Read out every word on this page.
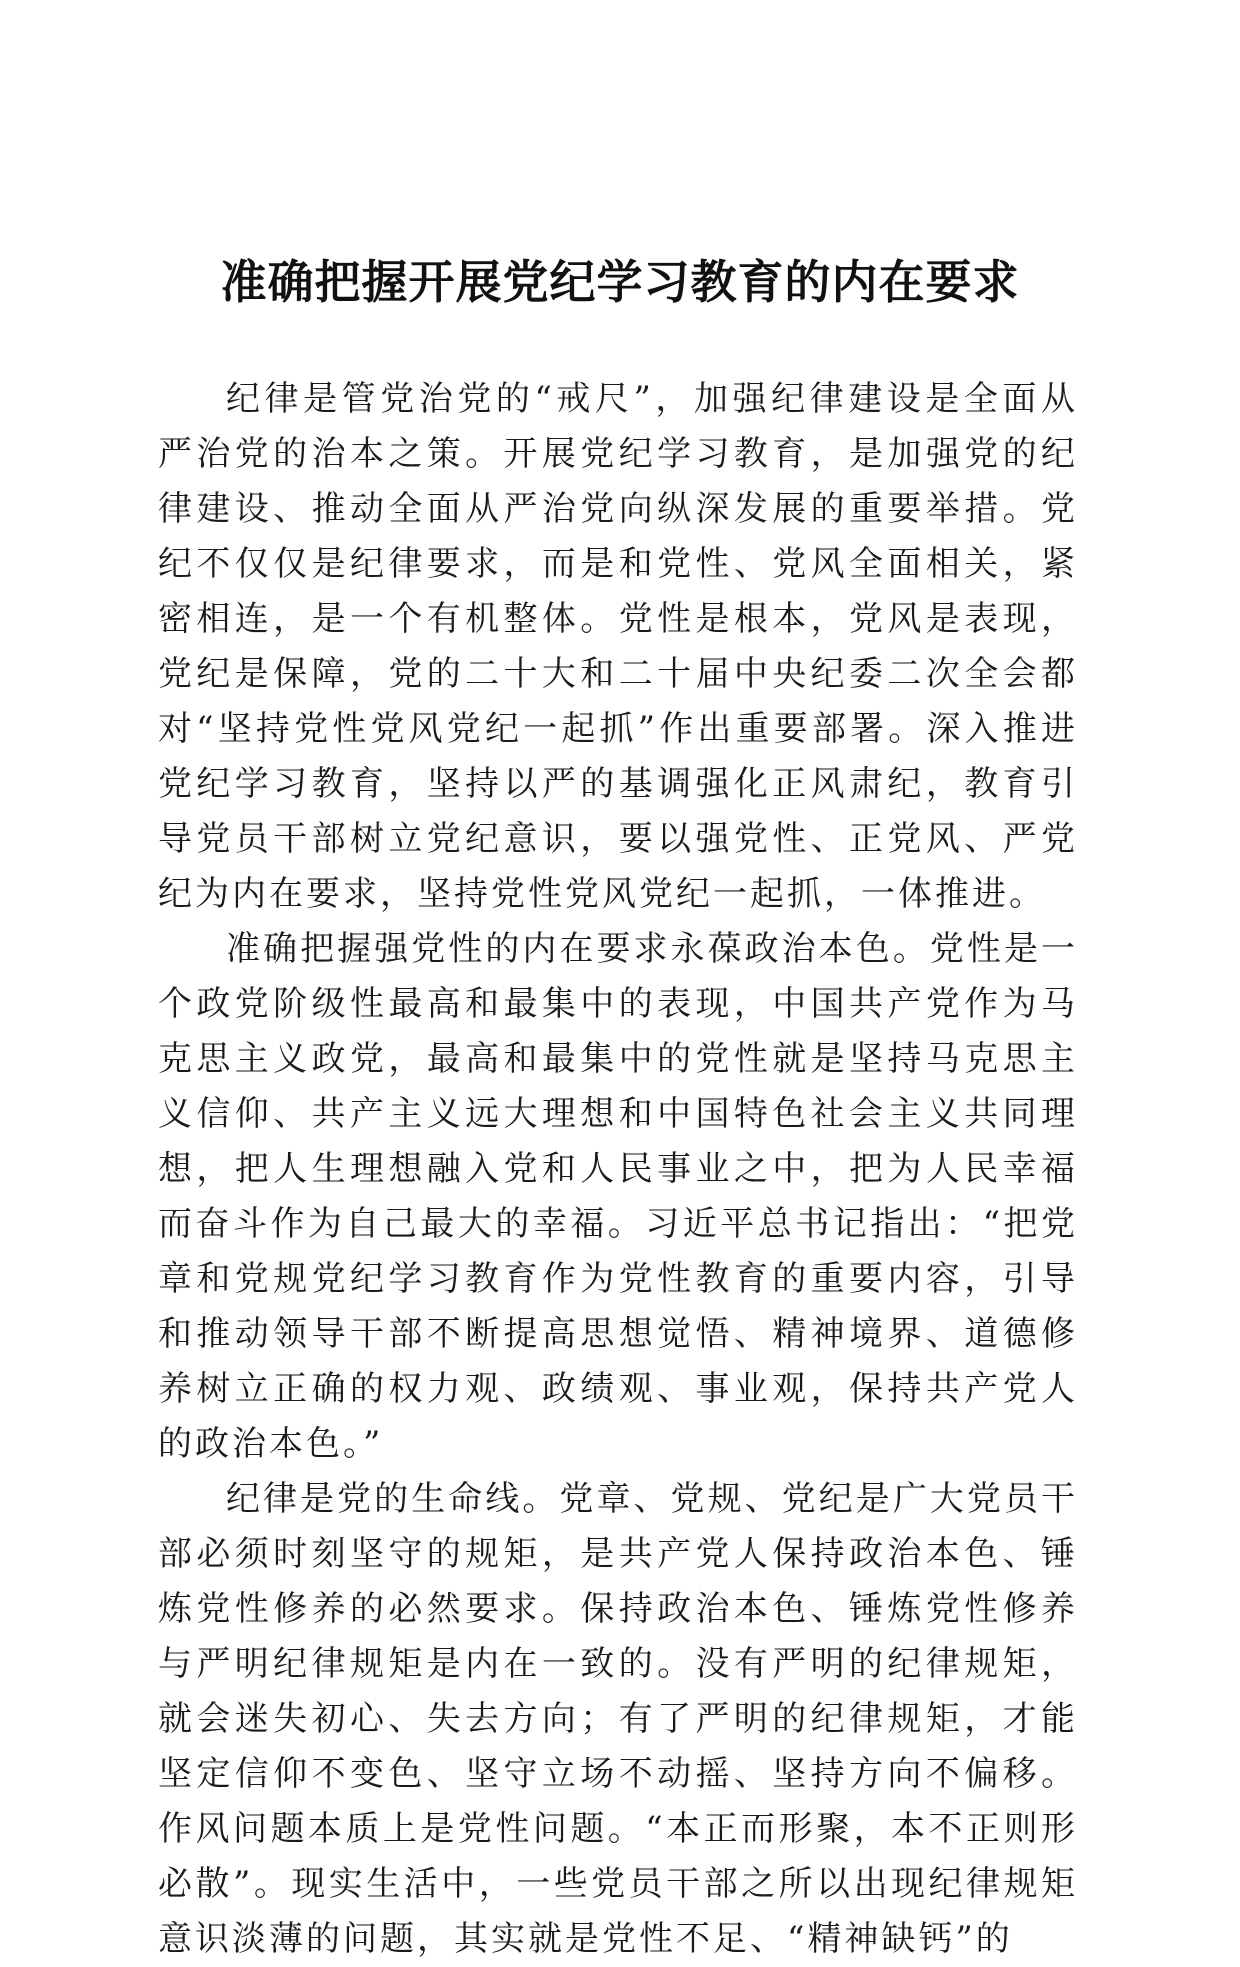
准确把握开展党纪学习教育的内在要求

纪律是管党治党的“戒尺”，加强纪律建设是全面从严治党的治本之策。开展党纪学习教育，是加强党的纪律建设、推动全面从严治党向纵深发展的重要举措。党纪不仅仅是纪律要求，而是和党性、党风全面相关，紧密相连，是一个有机整体。党性是根本，党风是表现，党纪是保障，党的二十大和二十届中央纪委二次全会都对“坚持党性党风党纪一起抓”作出重要部署。深入推进党纪学习教育，坚持以严的基调强化正风肃纪，教育引导党员干部树立党纪意识，要以强党性、正党风、严党纪为内在要求，坚持党性党风党纪一起抓，一体推进。

准确把握强党性的内在要求永葆政治本色。党性是一个政党阶级性最高和最集中的表现，中国共产党作为马克思主义政党，最高和最集中的党性就是坚持马克思主义信仰、共产主义远大理想和中国特色社会主义共同理想，把人生理想融入党和人民事业之中，把为人民幸福而奋斗作为自己最大的幸福。习近平总书记指出：“把党章和党规党纪学习教育作为党性教育的重要内容，引导和推动领导干部不断提高思想觉悟、精神境界、道德修养树立正确的权力观、政绩观、事业观，保持共产党人的政治本色。”

纪律是党的生命线。党章、党规、党纪是广大党员干部必须时刻坚守的规矩，是共产党人保持政治本色、锤炼党性修养的必然要求。保持政治本色、锤炼党性修养与严明纪律规矩是内在一致的。没有严明的纪律规矩，就会迷失初心、失去方向；有了严明的纪律规矩，才能坚定信仰不变色、坚守立场不动摇、坚持方向不偏移。作风问题本质上是党性问题。“本正而形聚，本不正则形必散”。现实生活中，一些党员干部之所以出现纪律规矩意识淡薄的问题，其实就是党性不足、“精神缺钙”的
